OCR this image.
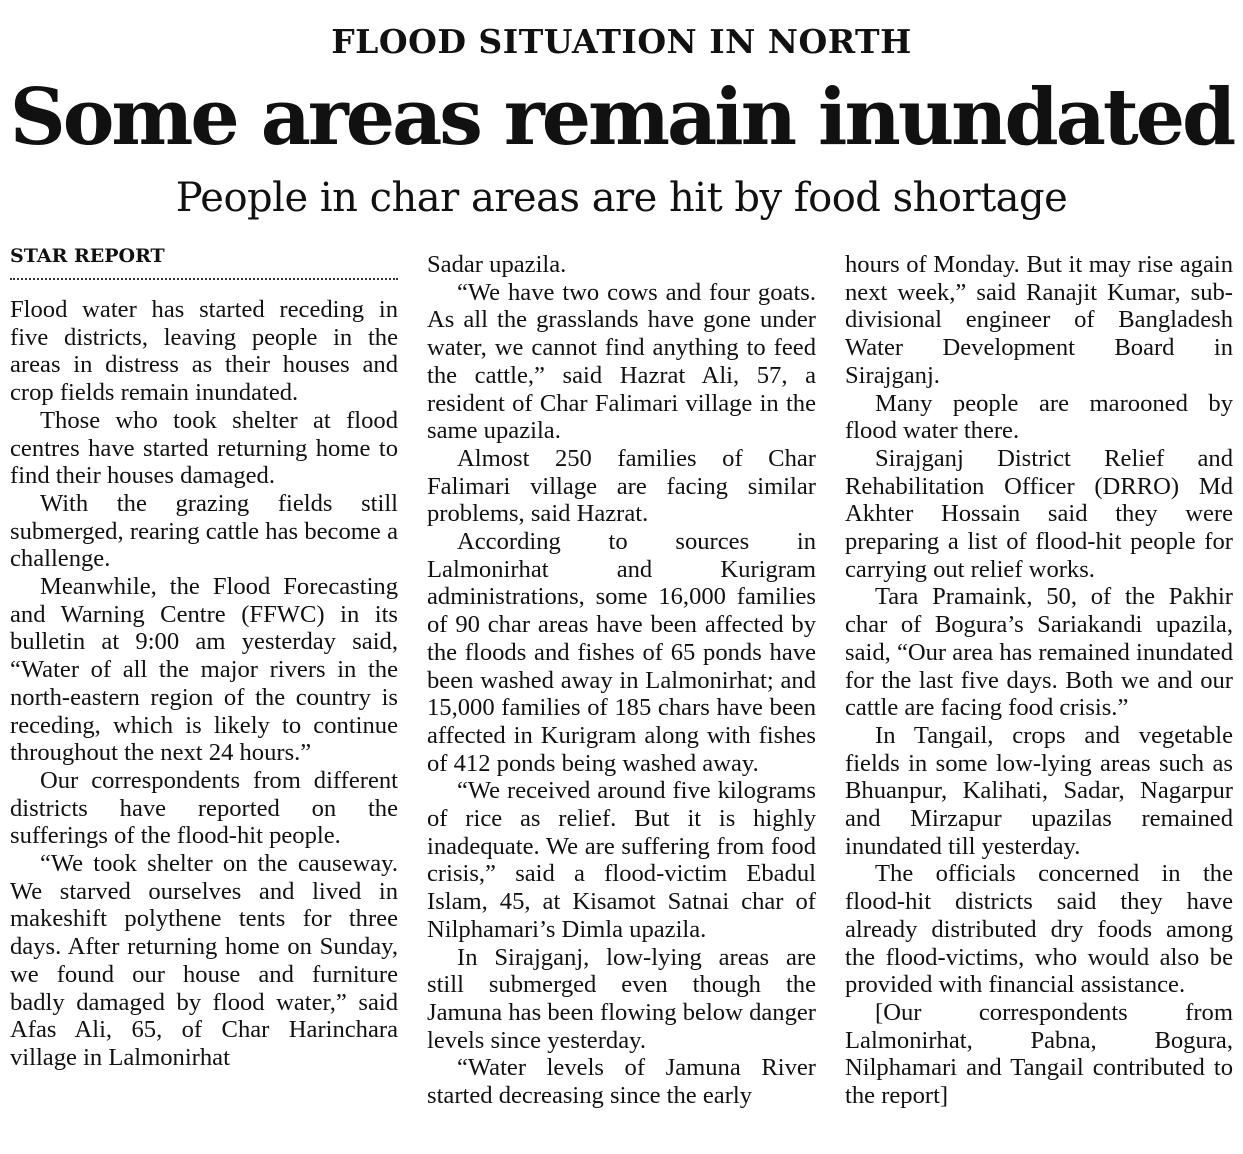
FLOOD SITUATION IN NORTH
Some areas remain inundated
People in char areas are hit by food shortage
STAR REPORT

Flood water has started receding in five districts, leaving people in the areas in distress as their houses and crop fields remain inundated.

Those who took shelter at flood centres have started returning home to find their houses damaged.

With the grazing fields still submerged, rearing cattle has become a challenge.

Meanwhile, the Flood Forecasting and Warning Centre (FFWC) in its bulletin at 9:00 am yesterday said, “Water of all the major rivers in the north-eastern region of the country is receding, which is likely to continue throughout the next 24 hours.”

Our correspondents from different districts have reported on the sufferings of the flood-hit people.

“We took shelter on the causeway. We starved ourselves and lived in makeshift polythene tents for three days. After returning home on Sunday, we found our house and furniture badly damaged by flood water,” said Afas Ali, 65, of Char Harinchara village in Lalmonirhat

Sadar upazila.

“We have two cows and four goats. As all the grasslands have gone under water, we cannot find anything to feed the cattle,” said Hazrat Ali, 57, a resident of Char Falimari village in the same upazila.

Almost 250 families of Char Falimari village are facing similar problems, said Hazrat.

According to sources in Lalmonirhat and Kurigram administrations, some 16,000 families of 90 char areas have been affected by the floods and fishes of 65 ponds have been washed away in Lalmonirhat; and 15,000 families of 185 chars have been affected in Kurigram along with fishes of 412 ponds being washed away.

“We received around five kilograms of rice as relief. But it is highly inadequate. We are suffering from food crisis,” said a flood-victim Ebadul Islam, 45, at Kisamot Satnai char of Nilphamari’s Dimla upazila.

In Sirajganj, low-lying areas are still submerged even though the Jamuna has been flowing below danger levels since yesterday.

“Water levels of Jamuna River started decreasing since the early

hours of Monday. But it may rise again next week,” said Ranajit Kumar, sub-divisional engineer of Bangladesh Water Development Board in Sirajganj.

Many people are marooned by flood water there.

Sirajganj District Relief and Rehabilitation Officer (DRRO) Md Akhter Hossain said they were preparing a list of flood-hit people for carrying out relief works.

Tara Pramaink, 50, of the Pakhir char of Bogura’s Sariakandi upazila, said, “Our area has remained inundated for the last five days. Both we and our cattle are facing food crisis.”

In Tangail, crops and vegetable fields in some low-lying areas such as Bhuanpur, Kalihati, Sadar, Nagarpur and Mirzapur upazilas remained inundated till yesterday.

The officials concerned in the flood-hit districts said they have already distributed dry foods among the flood-victims, who would also be provided with financial assistance.

[Our correspondents from Lalmonirhat, Pabna, Bogura, Nilphamari and Tangail contributed to the report]
